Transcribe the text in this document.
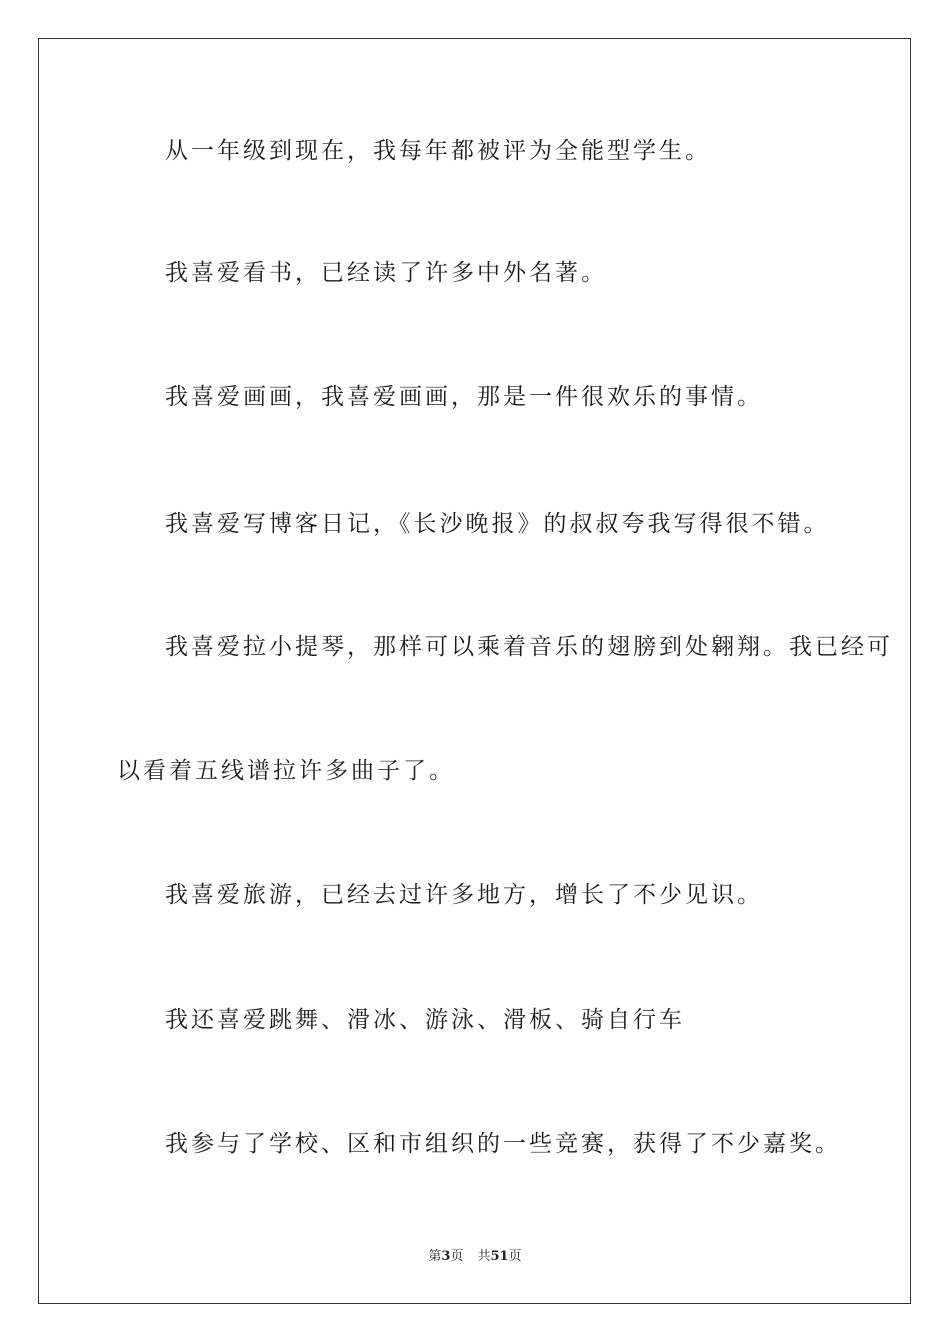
从一年级到现在，我每年都被评为全能型学生。

我喜爱看书，已经读了许多中外名著。

我喜爱画画，我喜爱画画，那是一件很欢乐的事情。

我喜爱写博客日记，《长沙晚报》的叔叔夸我写得很不错。

我喜爱拉小提琴，那样可以乘着音乐的翅膀到处翱翔。我已经可

以看着五线谱拉许多曲子了。

我喜爱旅游，已经去过许多地方，增长了不少见识。

我还喜爱跳舞、滑冰、游泳、滑板、骑自行车

我参与了学校、区和市组织的一些竞赛，获得了不少嘉奖。

第3页 共51页
